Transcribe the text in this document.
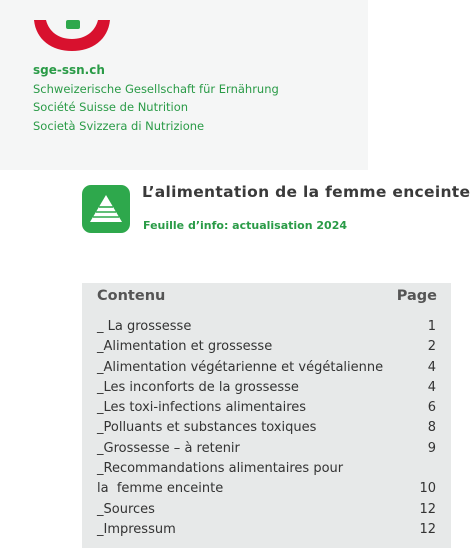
sge-ssn.ch
Schweizerische Gesellschaft für Ernährung
Société Suisse de Nutrition
Società Svizzera di Nutrizione
L’alimentation de la femme enceinte
Feuille d’info: actualisation 2024
Contenu	Page
_ La grossesse	1
_Alimentation et grossesse	2
_Alimentation végétarienne et végétalienne	4
_Les inconforts de la grossesse	4
_Les toxi-infections alimentaires	6
_Polluants et substances toxiques	8
_Grossesse – à retenir	9
_Recommandations alimentaires pour la  femme enceinte	10
_Sources	12
_Impressum	12
